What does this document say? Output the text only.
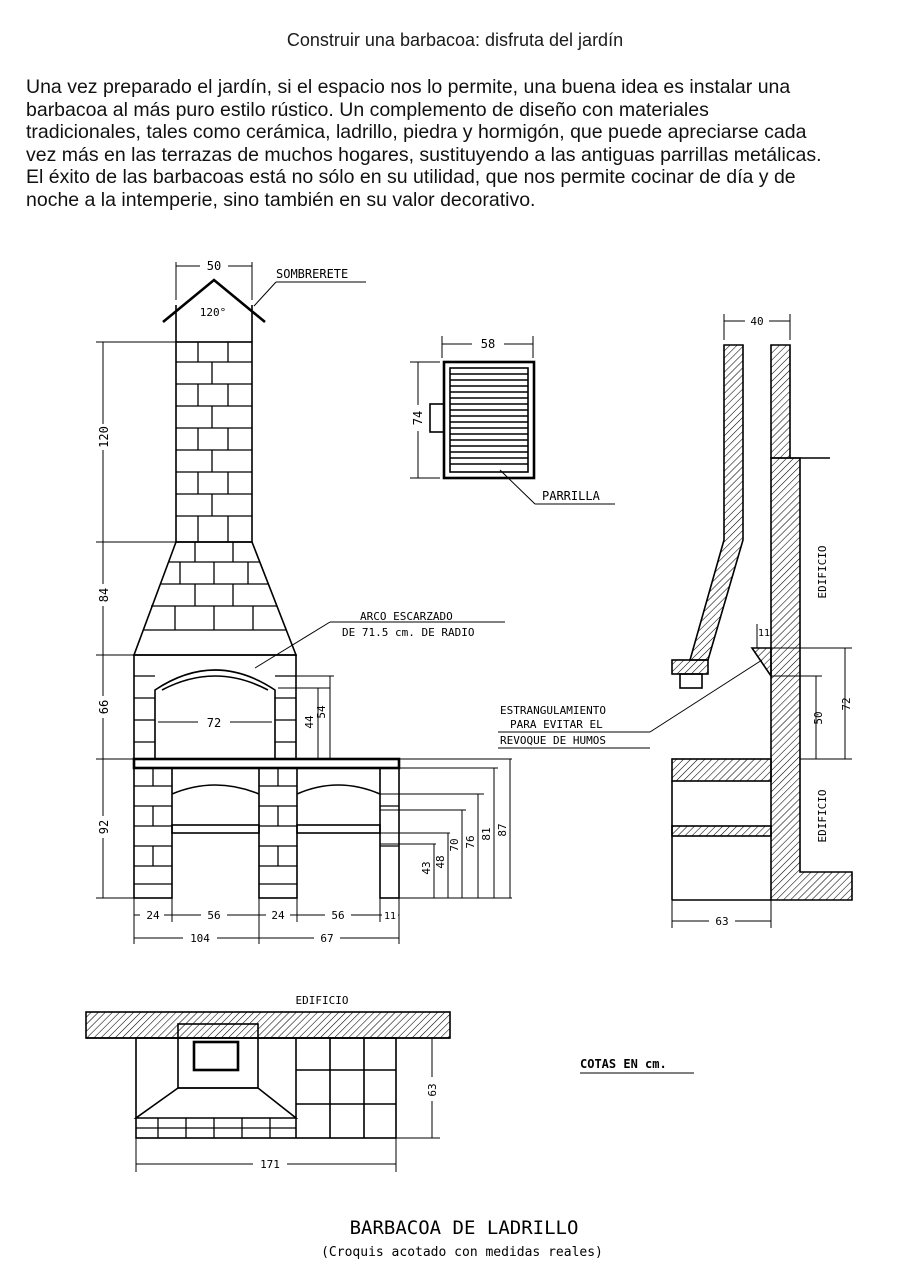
Construir una barbacoa: disfruta del jardín
Una vez preparado el jardín, si el espacio nos lo permite, una buena idea es instalar una
barbacoa al más puro estilo rústico. Un complemento de diseño con materiales
tradicionales, tales como cerámica, ladrillo, piedra y hormigón, que puede apreciarse cada
vez más en las terrazas de muchos hogares, sustituyendo a las antiguas parrillas metálicas.
El éxito de las barbacoas está no sólo en su utilidad, que nos permite cocinar de día y de
noche a la intemperie, sino también en su valor decorativo.
50
120°
SOMBRERETE
72	44
54
ARCO ESCARZADO
DE 71.5 cm. DE RADIO
120
84
66
92
43 48
70 76
81 87
24	56	24	56	11
104	67
58
74
PARRILLA
40
11
EDIFICIO
EDIFICIO
50
72
63
ESTRANGULAMIENTO
PARA EVITAR EL
REVOQUE DE HUMOS
EDIFICIO
63
171
COTAS EN cm.
BARBACOA DE LADRILLO
(Croquis acotado con medidas reales)
